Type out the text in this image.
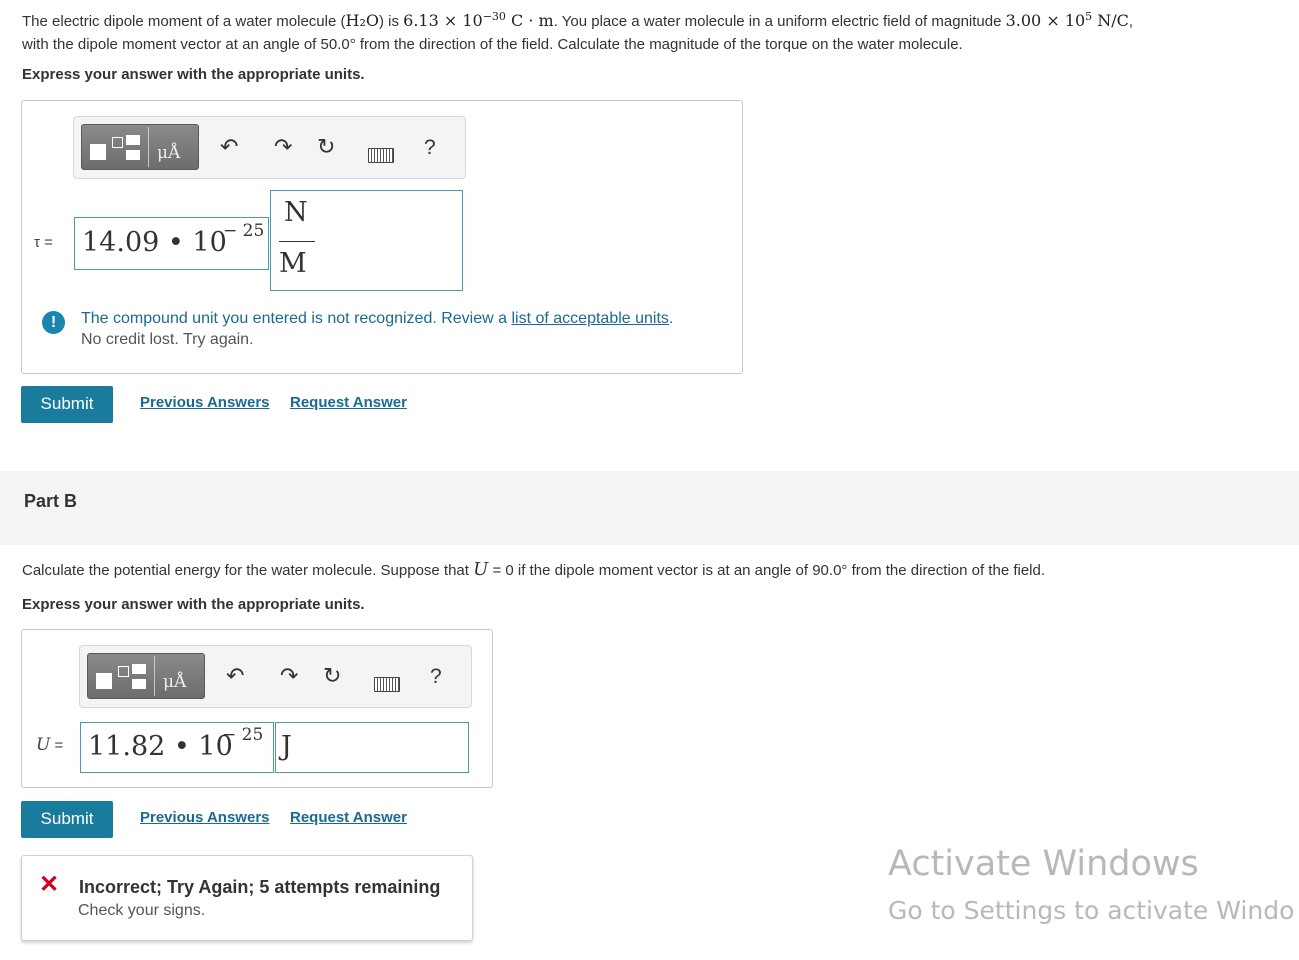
The electric dipole moment of a water molecule (H₂O) is $6.13 \times 10^{-30}$ C · m. You place a water molecule in a uniform electric field of magnitude $3.00 \times 10^5$ N/C,
with the dipole moment vector at an angle of 50.0° from the direction of the field. Calculate the magnitude of the torque on the water molecule.
Express your answer with the appropriate units.
μÅ ↶ ↷ ↻	?
τ = 14.09 • 10
− 25
N
M
!	The compound unit you entered is not recognized. Review a list of acceptable units.
No credit lost. Try again.
Submit	Previous Answers Request Answer
Part B
Calculate the potential energy for the water molecule. Suppose that U = 0 if the dipole moment vector is at an angle of 90.0° from the direction of the field.
Express your answer with the appropriate units.
μÅ ↶ ↷ ↻	?
U = 11.82 • 10
− 25 J
Submit	Previous Answers Request Answer
✕ Incorrect; Try Again; 5 attempts remaining
Check your signs.
Activate Windows
Go to Settings to activate Windo
